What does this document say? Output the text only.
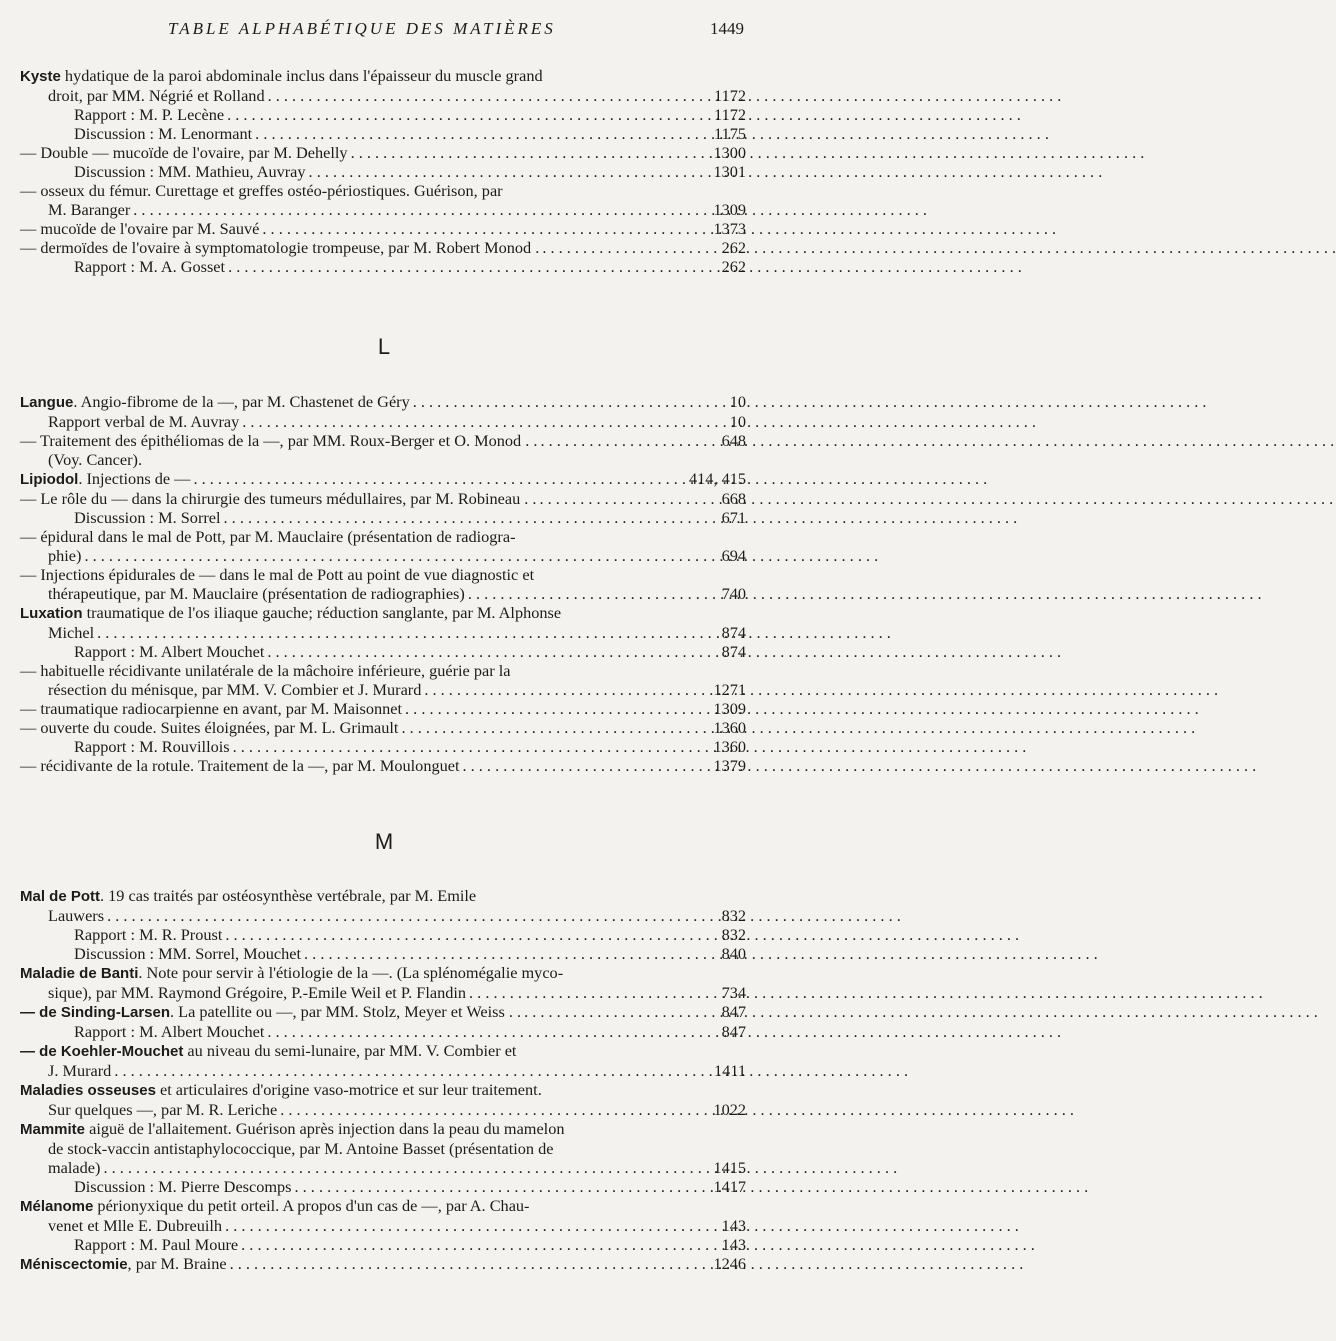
TABLE ALPHABÉTIQUE DES MATIÈRES	1449
Kyste hydatique de la paroi abdominale inclus dans l'épaisseur du muscle grand
droit, par MM. Négrié et Rolland . . .	1172
Rapport : M. P. Lecène . . .	1172
Discussion : M. Lenormant . . .	1175
— Double — mucoïde de l'ovaire, par M. Dehelly . . .	1300
Discussion : MM. Mathieu, Auvray . . .	1301
— osseux du fémur. Curettage et greffes ostéo-périostiques. Guérison, par
M. Baranger . . .	1309
— mucoïde de l'ovaire par M. Sauvé . . .	1373
— dermoïdes de l'ovaire à symptomatologie trompeuse, par M. Robert Monod . . . .	262
Rapport : M. A. Gosset . . .	262
L
Langue. Angio-fibrome de la —, par M. Chastenet de Géry . . .	10
Rapport verbal de M. Auvray . . .	10
— Traitement des épithéliomas de la —, par MM. Roux-Berger et O. Monod . . . . .	648
(Voy. Cancer).
Lipiodol. Injections de — . . .	414, 415
— Le rôle du — dans la chirurgie des tumeurs médullaires, par M. Robineau . . . . .	668
Discussion : M. Sorrel . . .	671
— épidural dans le mal de Pott, par M. Mauclaire (présentation de radiogra-
phie) . . .	694
— Injections épidurales de — dans le mal de Pott au point de vue diagnostic et
thérapeutique, par M. Mauclaire (présentation de radiographies) . . .	740
Luxation traumatique de l'os iliaque gauche; réduction sanglante, par M. Alphonse
Michel . . .	874
Rapport : M. Albert Mouchet . . .	874
— habituelle récidivante unilatérale de la mâchoire inférieure, guérie par la
résection du ménisque, par MM. V. Combier et J. Murard . . .	1271
— traumatique radiocarpienne en avant, par M. Maisonnet . . .	1309
— ouverte du coude. Suites éloignées, par M. L. Grimault . . .	1360
Rapport : M. Rouvillois . . .	1360
— récidivante de la rotule. Traitement de la —, par M. Moulonguet . . .	1379
M
Mal de Pott. 19 cas traités par ostéosynthèse vertébrale, par M. Emile
Lauwers . . .	832
Rapport : M. R. Proust . . .	832
Discussion : MM. Sorrel, Mouchet . . .	840
Maladie de Banti. Note pour servir à l'étiologie de la —. (La splénomégalie myco-
sique), par MM. Raymond Grégoire, P.-Emile Weil et P. Flandin . . .	734
— de Sinding-Larsen. La patellite ou —, par MM. Stolz, Meyer et Weiss . . . . .	847
Rapport : M. Albert Mouchet . . .	847
— de Koehler-Mouchet au niveau du semi-lunaire, par MM. V. Combier et
J. Murard . . .	1411
Maladies osseuses et articulaires d'origine vaso-motrice et sur leur traitement.
Sur quelques —, par M. R. Leriche . . .	1022
Mammite aiguë de l'allaitement. Guérison après injection dans la peau du mamelon
de stock-vaccin antistaphylococcique, par M. Antoine Basset (présentation de
malade) . . .	1415
Discussion : M. Pierre Descomps . . .	1417
Mélanome périonyxique du petit orteil. A propos d'un cas de —, par A. Chau-
venet et Mlle E. Dubreuilh . . .	143
Rapport : M. Paul Moure . . .	143
Méniscectomie, par M. Braine . . .	1246
